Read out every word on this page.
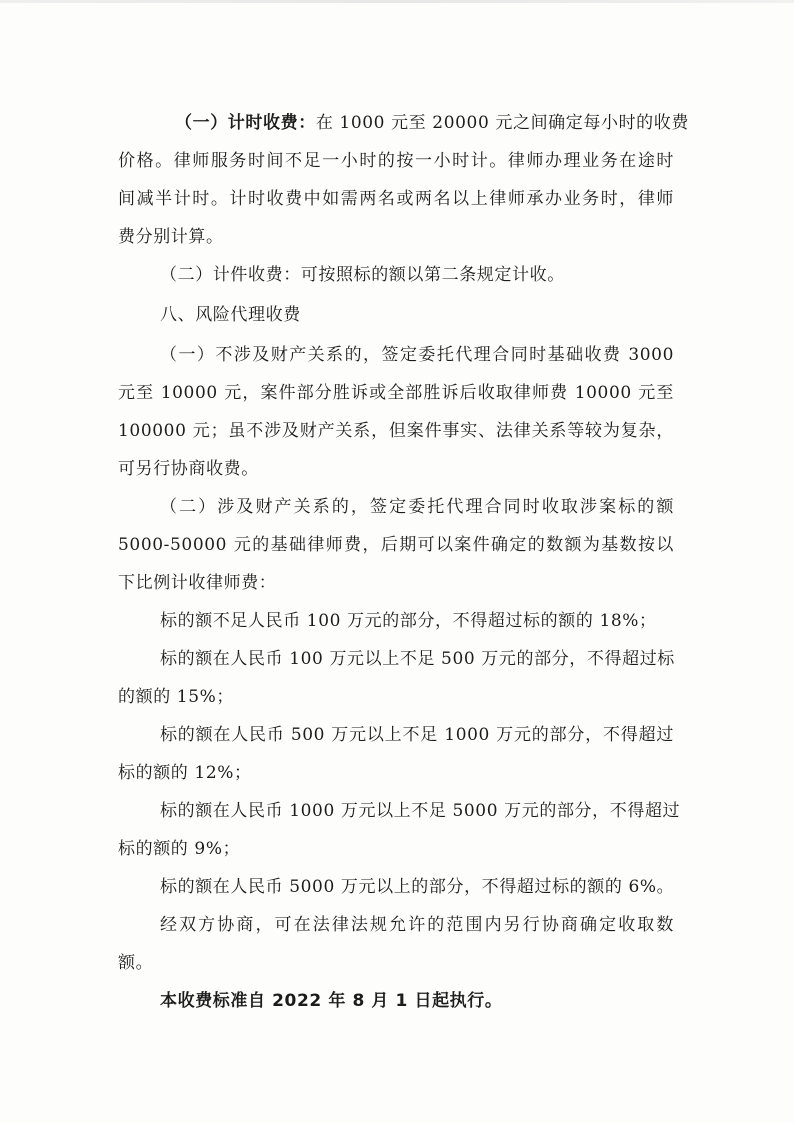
（一）计时收费：在 1000 元至 20000 元之间确定每小时的收费
价格。律师服务时间不足一小时的按一小时计。律师办理业务在途时
间减半计时。计时收费中如需两名或两名以上律师承办业务时，律师
费分别计算。
（二）计件收费：可按照标的额以第二条规定计收。
八、风险代理收费
（一）不涉及财产关系的，签定委托代理合同时基础收费 3000
元至 10000 元，案件部分胜诉或全部胜诉后收取律师费 10000 元至
100000 元；虽不涉及财产关系，但案件事实、法律关系等较为复杂，
可另行协商收费。
（二）涉及财产关系的，签定委托代理合同时收取涉案标的额
5000-50000 元的基础律师费，后期可以案件确定的数额为基数按以
下比例计收律师费：
标的额不足人民币 100 万元的部分，不得超过标的额的 18%；
标的额在人民币 100 万元以上不足 500 万元的部分，不得超过标
的额的 15%；
标的额在人民币 500 万元以上不足 1000 万元的部分，不得超过
标的额的 12%；
标的额在人民币 1000 万元以上不足 5000 万元的部分，不得超过
标的额的 9%；
标的额在人民币 5000 万元以上的部分，不得超过标的额的 6%。
经双方协商，可在法律法规允许的范围内另行协商确定收取数
额。
本收费标准自 2022 年 8 月 1 日起执行。
